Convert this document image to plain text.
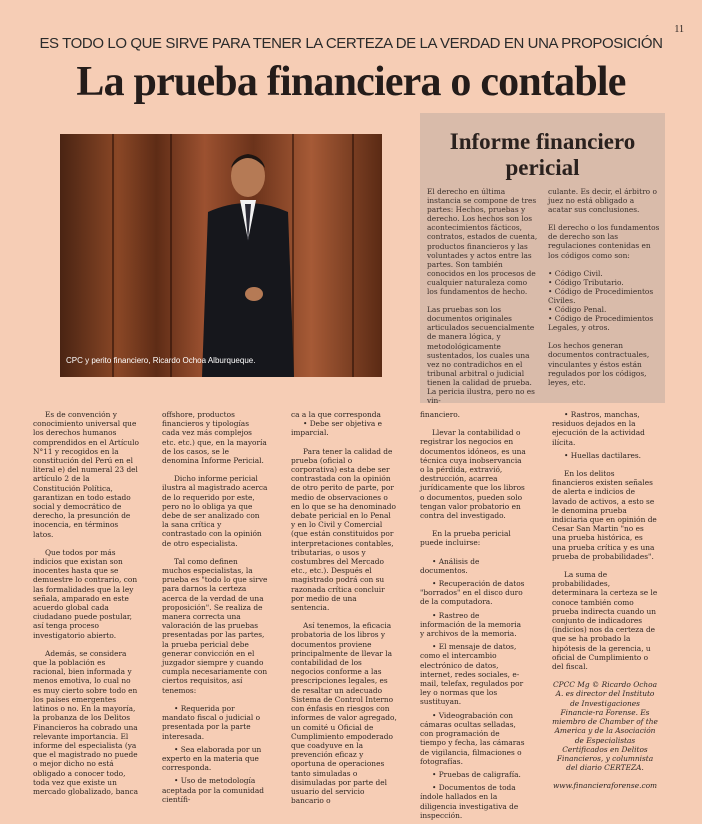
11
ES TODO LO QUE SIRVE PARA TENER LA CERTEZA DE LA VERDAD EN UNA PROPOSICIÓN
La prueba financiera o contable
CPC y perito financiero, Ricardo Ochoa Alburqueque.
Informe financiero pericial

El derecho en última instancia se compone de tres partes: Hechos, pruebas y derecho. Los hechos son los acontecimientos fácticos, contratos, estados de cuenta, productos financieros y las voluntades y actos entre las partes. Son también conocidos en los procesos de cualquier naturaleza como los fundamentos de hecho.

Las pruebas son los documentos originales articulados secuencialmente de manera lógica, y metodológicamente sustentados, los cuales una vez no contradichos en el tribunal arbitral o judicial tienen la calidad de prueba. La pericia ilustra, pero no es vin-

culante. Es decir, el árbitro o juez no está obligado a acatar sus conclusiones.

El derecho o los fundamentos de derecho son las regulaciones contenidas en los códigos como son:

• Código Civil.
• Código Tributario.
• Código de Procedimientos Civiles.
• Código Penal.
• Código de Procedimientos Legales, y otros.

Los hechos generan documentos contractuales, vinculantes y éstos están regulados por los códigos, leyes, etc.

Es de convención y conocimiento universal que los derechos humanos comprendidos en el Artículo N°11 y recogidos en la constitución del Perú en el literal e) del numeral 23 del artículo 2 de la Constitución Política, garantizan en todo estado social y democrático de derecho, la presunción de inocencia, en términos latos.

Que todos por más indicios que existan son inocentes hasta que se demuestre lo contrario, con las formalidades que la ley señala, amparado en este acuerdo global cada ciudadano puede postular, así tenga proceso investigatorio abierto.

Además, se considera que la población es racional, bien informada y menos emotiva, lo cual no es muy cierto sobre todo en los países emergentes latinos o no. En la mayoría, la probanza de los Delitos Financieros ha cobrado una relevante importancia. El informe del especialista (ya que el magistrado no puede o mejor dicho no está obligado a conocer todo, toda vez que existe un mercado globalizado, banca

offshore, productos financieros y tipologías cada vez más complejos etc. etc.) que, en la mayoría de los casos, se le denomina Informe Pericial.

Dicho informe pericial ilustra al magistrado acerca de lo requerido por este, pero no lo obliga ya que debe de ser analizado con la sana crítica y contrastado con la opinión de otro especialista.

Tal como definen muchos especialistas, la prueba es "todo lo que sirve para darnos la certeza acerca de la verdad de una proposición". Se realiza de manera correcta una valoración de las pruebas presentadas por las partes, la prueba pericial debe generar convicción en el juzgador siempre y cuando cumpla necesariamente con ciertos requisitos, así tenemos:

• Requerida por mandato fiscal o judicial o presentada por la parte interesada.
• Sea elaborada por un experto en la materia que corresponda.
• Uso de metodología aceptada por la comunidad científi-
ca a la que corresponda
• Debe ser objetiva e imparcial.

Para tener la calidad de prueba (oficial o corporativa) esta debe ser contrastada con la opinión de otro perito de parte, por medio de observaciones o en lo que se ha denominado debate pericial en lo Penal y en lo Civil y Comercial (que están constituidos por interpretaciones contables, tributarias, o usos y costumbres del Mercado etc., etc.). Después el magistrado podrá con su razonada crítica concluir por medio de una sentencia.

Así tenemos, la eficacia probatoria de los libros y documentos proviene principalmente de llevar la contabilidad de los negocios conforme a las prescripciones legales, es de resaltar un adecuado Sistema de Control Interno con énfasis en riesgos con informes de valor agregado, un comité u Oficial de Cumplimiento empoderado que coadyuve en la prevención eficaz y oportuna de operaciones tanto simuladas o disimuladas por parte del usuario del servicio bancario o

financiero.

Llevar la contabilidad o registrar los negocios en documentos idóneos, es una técnica cuya inobservancia o la pérdida, extravió, destrucción, acarrea jurídicamente que los libros o documentos, pueden solo tengan valor probatorio en contra del investigado.

En la prueba pericial puede incluirse:

• Análisis de documentos.
• Recuperación de datos "borrados" en el disco duro de la computadora.
• Rastreo de información de la memoria y archivos de la memoria.
• El mensaje de datos, como el intercambio electrónico de datos, internet, redes sociales, e-mail, telefax, regulados por ley o normas que los sustituyan.
• Videograbación con cámaras ocultas selladas, con programación de tiempo y fecha, las cámaras de vigilancia, filmaciones o fotografías.
• Pruebas de caligrafía.
• Documentos de toda índole hallados en la diligencia investigativa de inspección.
• Rastros, manchas, residuos dejados en la ejecución de la actividad ilícita.
• Huellas dactilares.

En los delitos financieros existen señales de alerta e indicios de lavado de activos, a esto se le denomina prueba indiciaria que en opinión de Cesar San Martin "no es una prueba histórica, es una prueba crítica y es una prueba de probabilidades".

La suma de probabilidades, determinara la certeza se le conoce también como prueba indirecta cuando un conjunto de indicadores (indicios) nos da certeza de que se ha probado la hipótesis de la gerencia, u oficial de Cumplimiento o del fiscal.

CPCC Mg © Ricardo Ochoa A. es director del Instituto de Investigaciones Financie-ra Forense. Es miembro de Chamber of the America y de la Asociación de Especialistas Certificados en Delitos Financieros, y columnista del diario CERTEZA.

www.financieraforense.com
